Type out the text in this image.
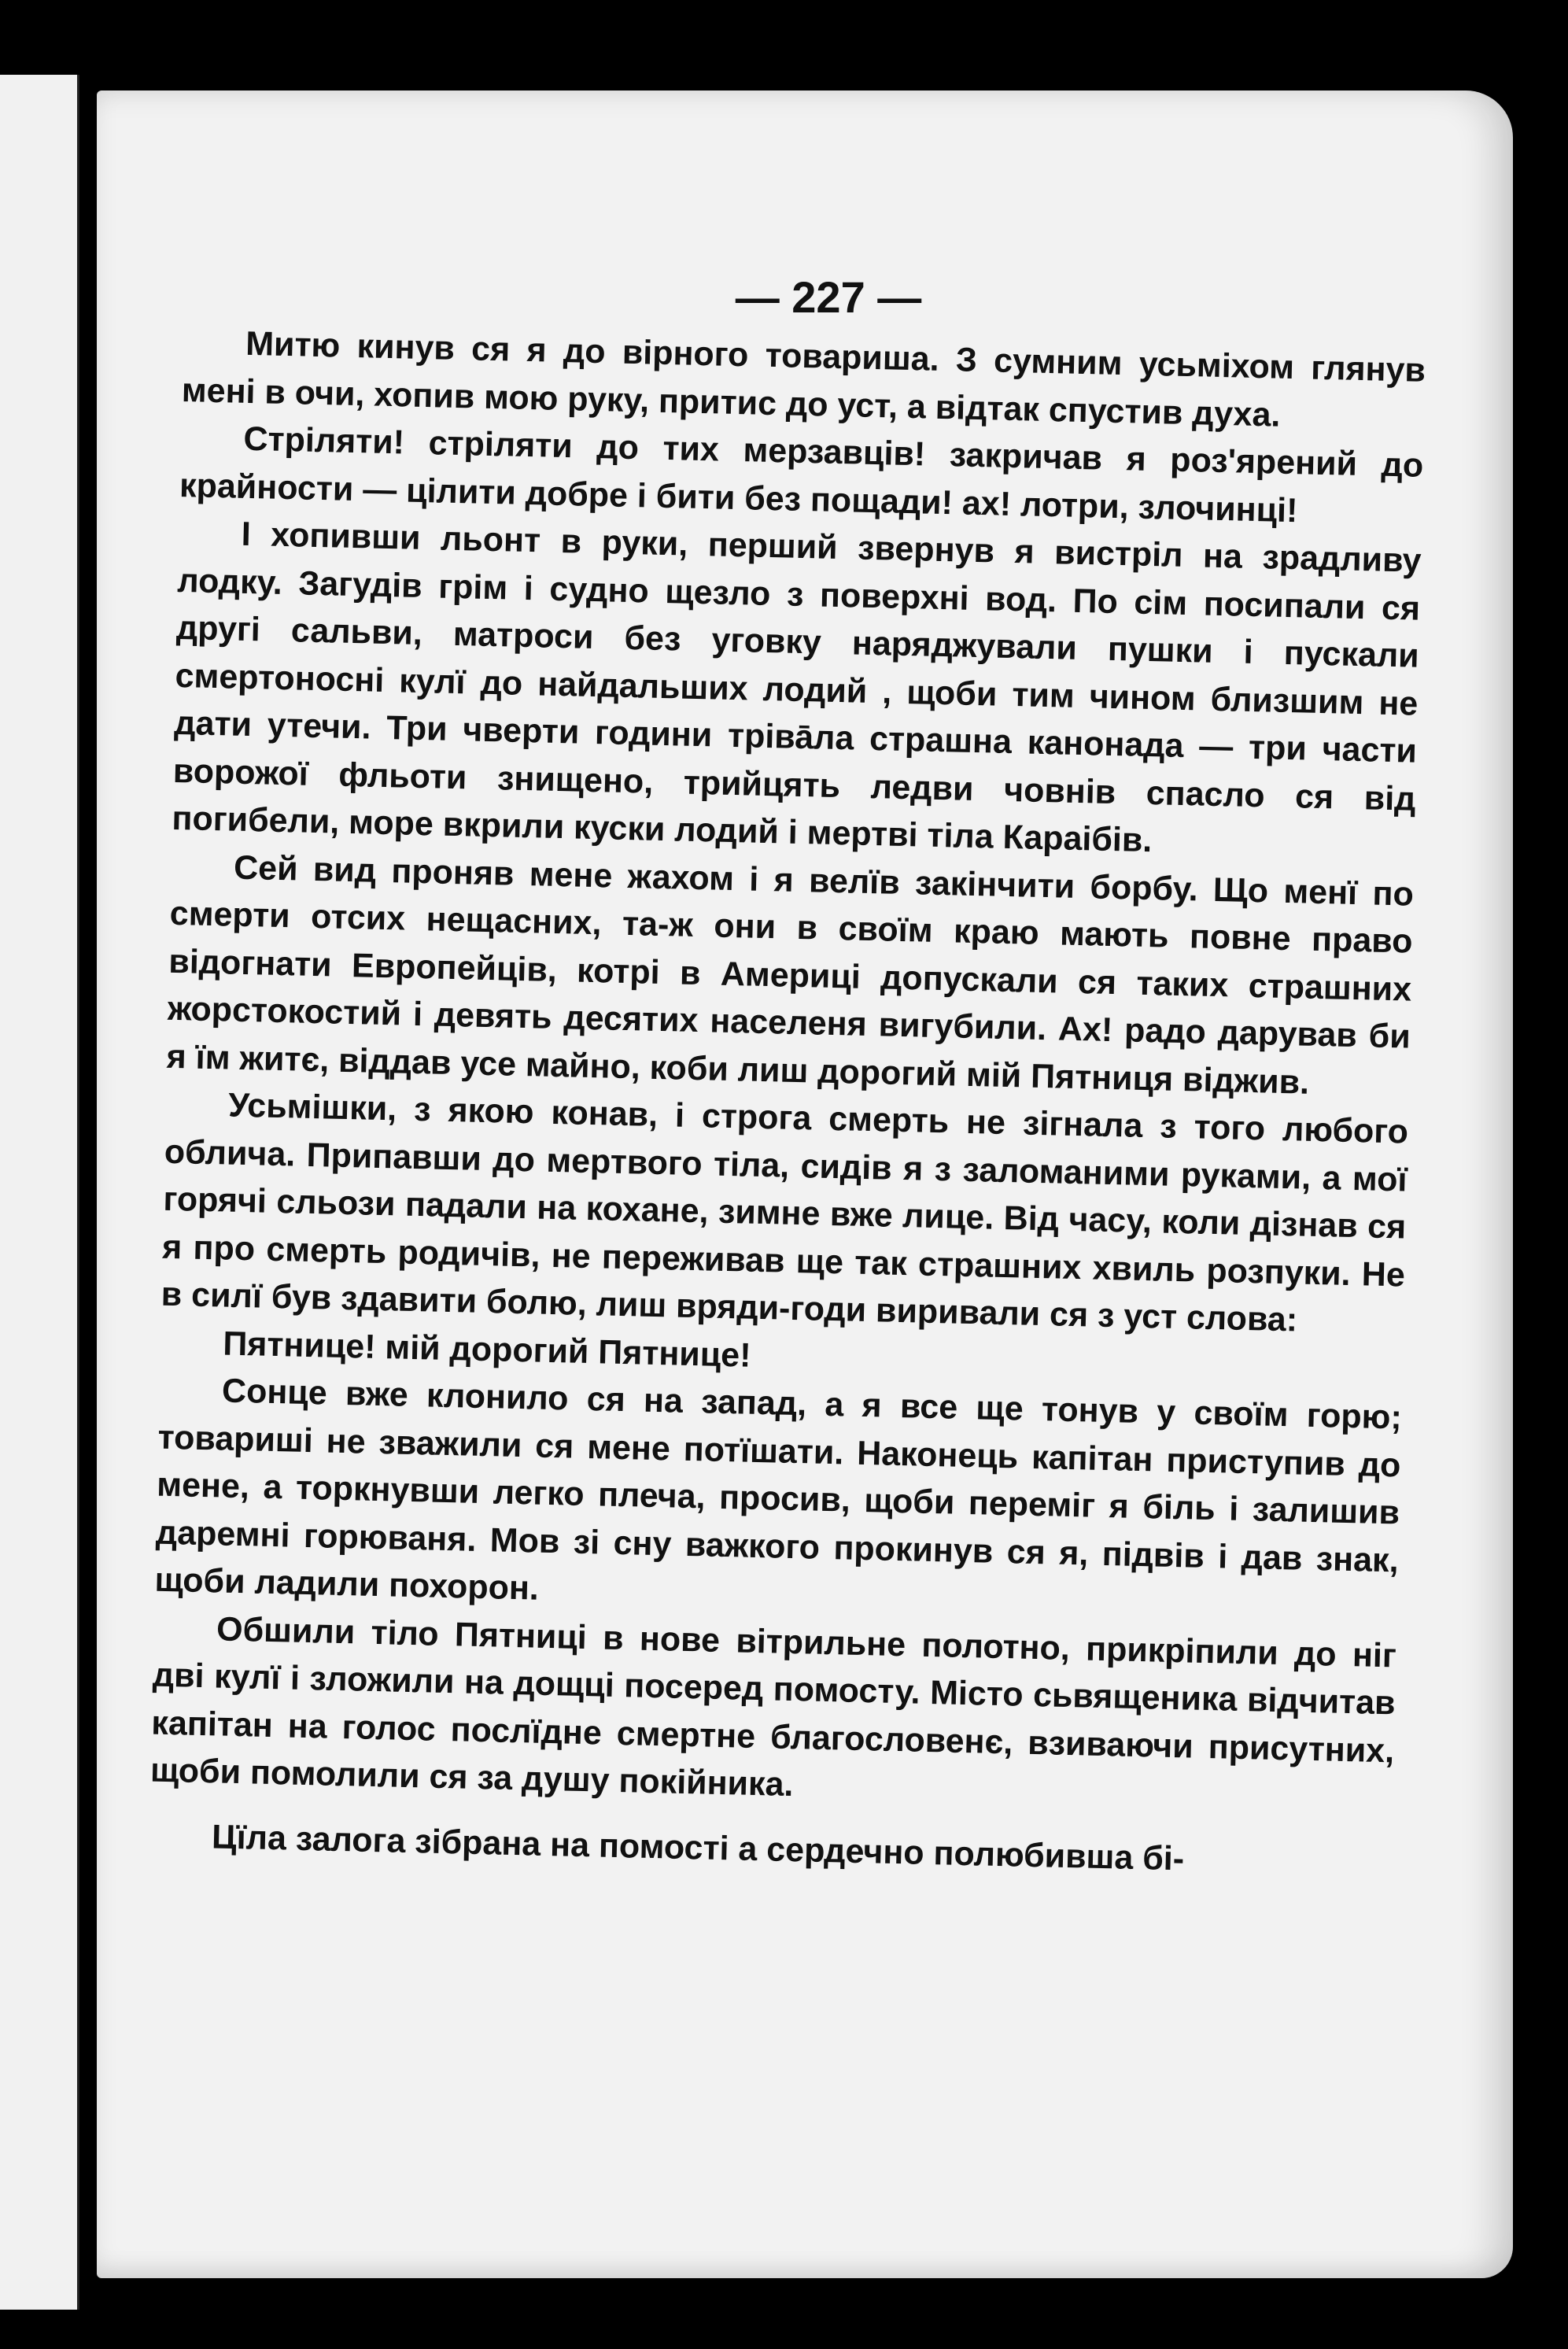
— 227 —

Митю кинув ся я до вірного товариша. З сумним усьміхом глянув мені в очи, хопив мою руку, притис до уст, а відтак спустив духа.

Стріляти! стріляти до тих мерзавців! закричав я роз'ярений до крайности — цілити добре і бити без пощади! ах! лотри, злочинці!

І хопивши льонт в руки, перший звернув я вистріл на зрадливу лодку. Загудів грім і судно щезло з поверхні вод. По сім посипали ся другі сальви, матроси без уговку наряджували пушки і пускали смертоносні кулї до найдальших лодий , щоби тим чином близшим не дати утечи. Три чверти години тріва̄ла страшна канонада — три части ворожої фльоти знищено, трийцять ледви човнів спасло ся від погибели, море вкрили куски лодий і мертві тіла Караібів.

Сей вид проняв мене жахом і я велїв закінчити борбу. Що менї по смерти отсих нещасних, та-ж они в своїм краю мають повне право відогнати Европейців, котрі в Америці допускали ся таких страшних жорстокостий і девять десятих населеня вигубили. Ах! радо дарував би я їм житє, віддав усе майно, коби лиш дорогий мій Пятниця віджив.

Усьмішки, з якою конав, і строга смерть не зігнала з того любого облича. Припавши до мертвого тіла, сидів я з заломаними руками, а мої горячі сльози падали на кохане, зимне вже лице. Від часу, коли дізнав ся я про смерть родичів, не переживав ще так страшних хвиль розпуки. Не в силї був здавити болю, лиш вряди-годи виривали ся з уст слова:

Пятнице! мій дорогий Пятнице!

Сонце вже клонило ся на запад, а я все ще тонув у своїм горю; товариші не зважили ся мене потїшати. Наконець капітан приступив до мене, а торкнувши легко плеча, просив, щоби переміг я біль і залишив даремні горюваня. Мов зі сну важкого прокинув ся я, підвів і дав знак, щоби ладили похорон.

Обшили тіло Пятниці в нове вітрильне полотно, прикріпили до ніг дві кулї і зложили на дощці посеред помосту. Місто сьвященика відчитав капітан на голос послїдне смертне благословенє, взиваючи присутних, щоби помолили ся за душу покійника.

Цїла залога зібрана на помості а сердечно полюбивша бі-
